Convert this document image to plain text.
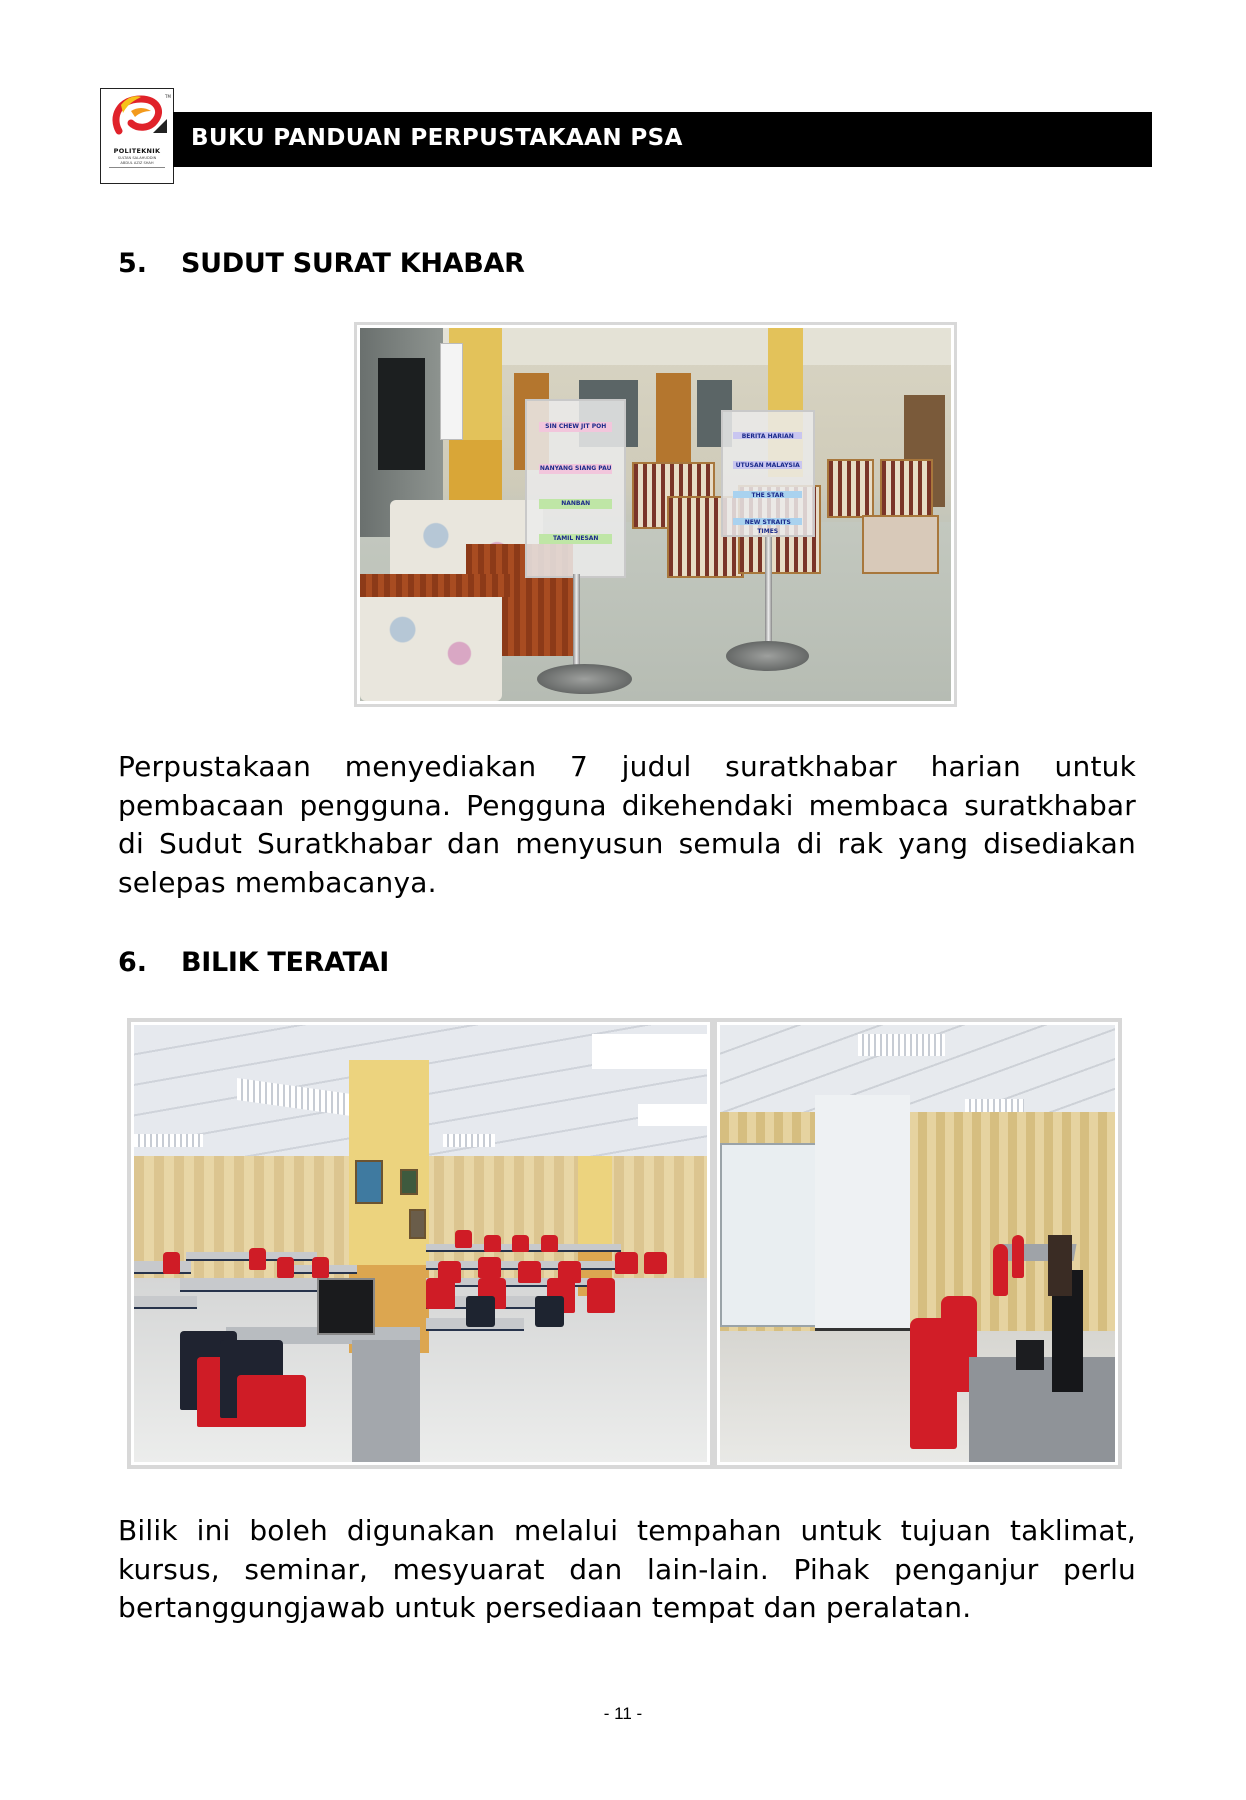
TM
POLITEKNIK
SULTAN SALAHUDDIN
ABDUL AZIZ SHAH
BUKU PANDUAN PERPUSTAKAAN PSA
5. SUDUT SURAT KHABAR
SIN CHEW JIT POH
NANYANG SIANG PAU
NANBAN
TAMIL NESAN
BERITA HARIAN
UTUSAN MALAYSIA
THE STAR
NEW STRAITS TIMES

Perpustakaan menyediakan 7 judul suratkhabar harian untuk pembacaan pengguna. Pengguna dikehendaki membaca suratkhabar di Sudut Suratkhabar dan menyusun semula di rak yang disediakan selepas membacanya.

6. BILIK TERATAI

Bilik ini boleh digunakan melalui tempahan untuk tujuan taklimat, kursus, seminar, mesyuarat dan lain-lain. Pihak penganjur perlu bertanggungjawab untuk persediaan tempat dan peralatan.

- 11 -
